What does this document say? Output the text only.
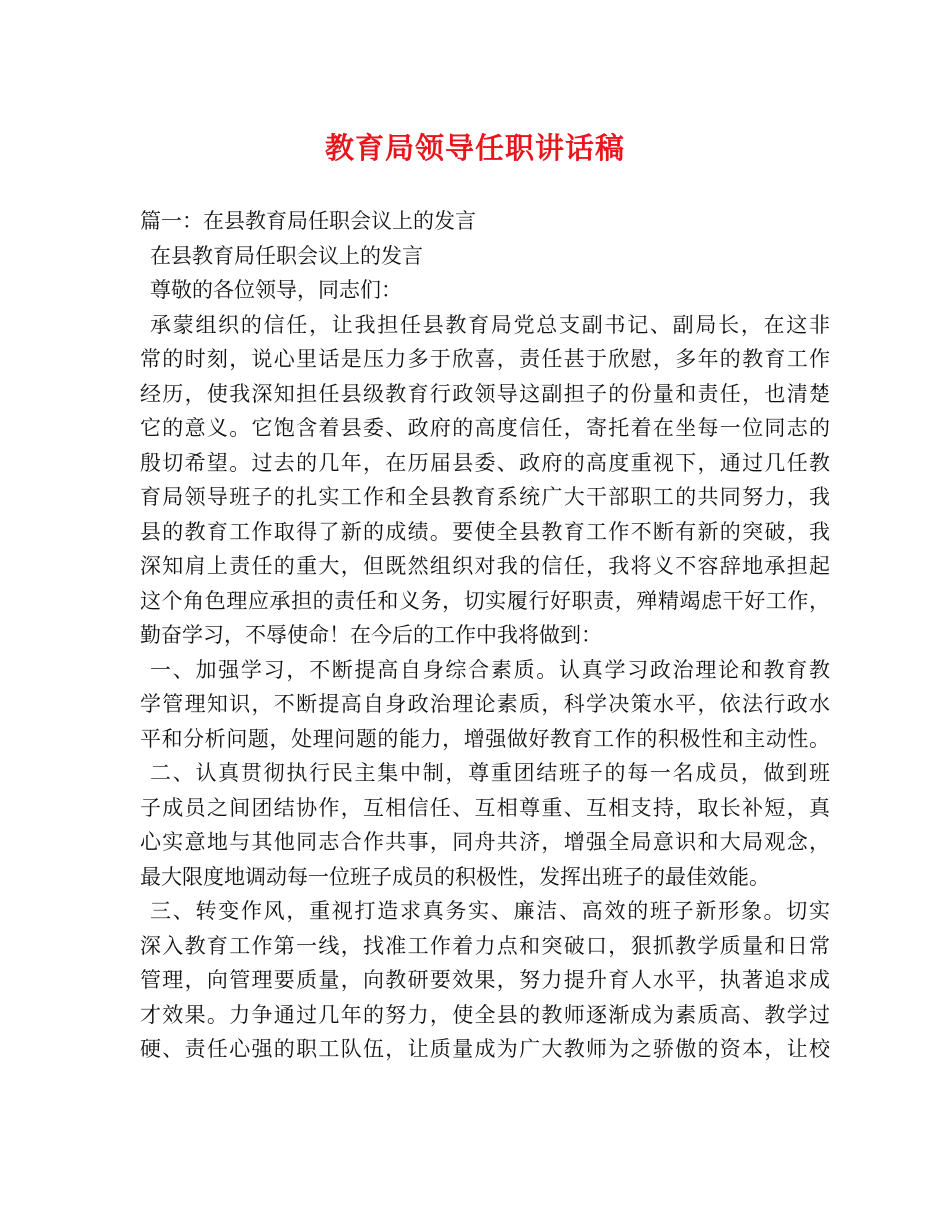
教育局领导任职讲话稿
篇一：在县教育局任职会议上的发言
在县教育局任职会议上的发言
尊敬的各位领导，同志们：
承蒙组织的信任，让我担任县教育局党总支副书记、副局长，在这非
常的时刻，说心里话是压力多于欣喜，责任甚于欣慰，多年的教育工作
经历，使我深知担任县级教育行政领导这副担子的份量和责任，也清楚
它的意义。它饱含着县委、政府的高度信任，寄托着在坐每一位同志的
殷切希望。过去的几年，在历届县委、政府的高度重视下，通过几任教
育局领导班子的扎实工作和全县教育系统广大干部职工的共同努力，我
县的教育工作取得了新的成绩。要使全县教育工作不断有新的突破，我
深知肩上责任的重大，但既然组织对我的信任，我将义不容辞地承担起
这个角色理应承担的责任和义务，切实履行好职责，殚精竭虑干好工作，
勤奋学习，不辱使命！在今后的工作中我将做到：
一、加强学习，不断提高自身综合素质。认真学习政治理论和教育教
学管理知识，不断提高自身政治理论素质，科学决策水平，依法行政水
平和分析问题，处理问题的能力，增强做好教育工作的积极性和主动性。
二、认真贯彻执行民主集中制，尊重团结班子的每一名成员，做到班
子成员之间团结协作，互相信任、互相尊重、互相支持，取长补短，真
心实意地与其他同志合作共事，同舟共济，增强全局意识和大局观念，
最大限度地调动每一位班子成员的积极性，发挥出班子的最佳效能。
三、转变作风，重视打造求真务实、廉洁、高效的班子新形象。切实
深入教育工作第一线，找准工作着力点和突破口，狠抓教学质量和日常
管理，向管理要质量，向教研要效果，努力提升育人水平，执著追求成
才效果。力争通过几年的努力，使全县的教师逐渐成为素质高、教学过
硬、责任心强的职工队伍，让质量成为广大教师为之骄傲的资本，让校
